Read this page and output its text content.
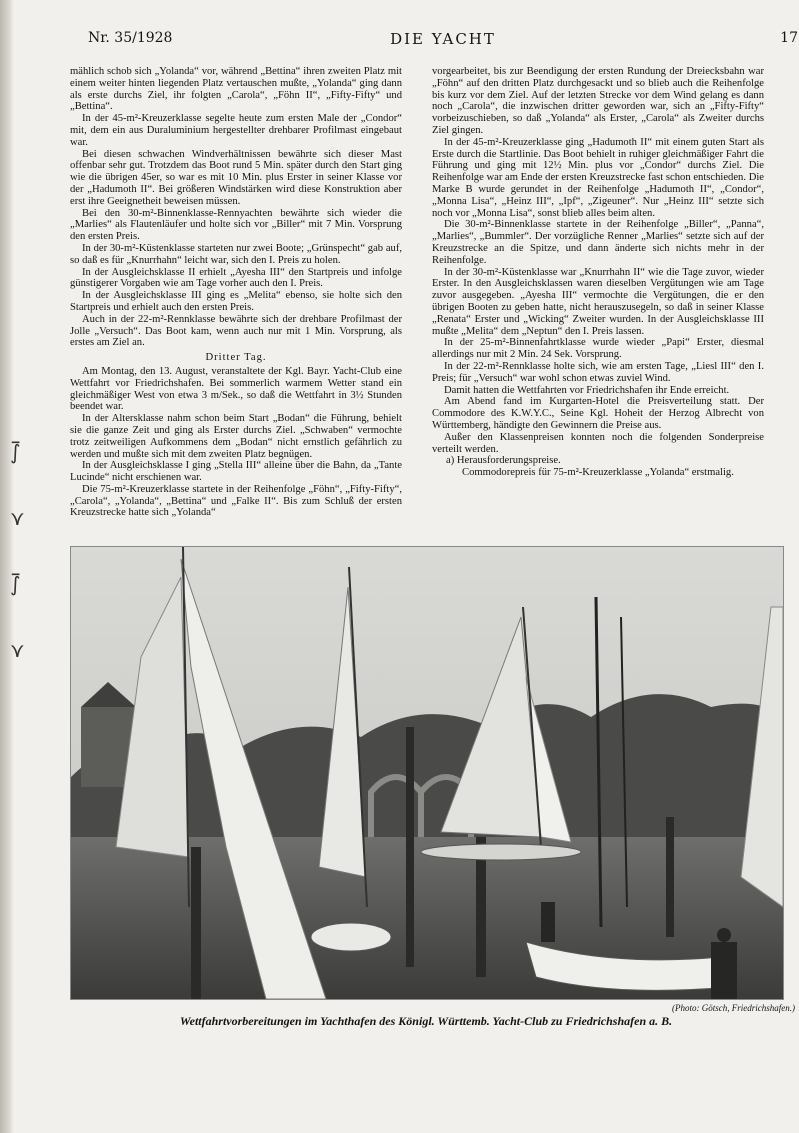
Nr. 35/1928	DIE YACHT	17

mählich schob sich „Yolanda“ vor, während „Bettina“ ihren zweiten Platz mit einem weiter hinten liegenden Platz vertauschen mußte, „Yolanda“ ging dann als erste durchs Ziel, ihr folgten „Carola“, „Föhn II“, „Fifty-Fifty“ und „Bettina“.

In der 45-m²-Kreuzerklasse segelte heute zum ersten Male der „Condor“ mit, dem ein aus Duraluminium hergestellter drehbarer Profilmast eingebaut war.

Bei diesen schwachen Windverhältnissen bewährte sich dieser Mast offenbar sehr gut. Trotzdem das Boot rund 5 Min. später durch den Start ging wie die übrigen 45er, so war es mit 10 Min. plus Erster in seiner Klasse vor der „Hadumoth II“. Bei größeren Windstärken wird diese Konstruktion aber erst ihre Geeignetheit beweisen müssen.

Bei den 30-m²-Binnenklasse-Rennyachten bewährte sich wieder die „Marlies“ als Flautenläufer und holte sich vor „Biller“ mit 7 Min. Vorsprung den ersten Preis.

In der 30-m²-Küstenklasse starteten nur zwei Boote; „Grünspecht“ gab auf, so daß es für „Knurrhahn“ leicht war, sich den I. Preis zu holen.

In der Ausgleichsklasse II erhielt „Ayesha III“ den Startpreis und infolge günstigerer Vorgaben wie am Tage vorher auch den I. Preis.

In der Ausgleichsklasse III ging es „Melita“ ebenso, sie holte sich den Startpreis und erhielt auch den ersten Preis.

Auch in der 22-m²-Rennklasse bewährte sich der drehbare Profilmast der Jolle „Versuch“. Das Boot kam, wenn auch nur mit 1 Min. Vorsprung, als erstes am Ziel an.

Dritter Tag.

Am Montag, den 13. August, veranstaltete der Kgl. Bayr. Yacht-Club eine Wettfahrt vor Friedrichshafen. Bei sommerlich warmem Wetter stand ein gleichmäßiger West von etwa 3 m/Sek., so daß die Wettfahrt in 3½ Stunden beendet war.

In der Altersklasse nahm schon beim Start „Bodan“ die Führung, behielt sie die ganze Zeit und ging als Erster durchs Ziel. „Schwaben“ vermochte trotz zeitweiligen Aufkommens dem „Bodan“ nicht ernstlich gefährlich zu werden und mußte sich mit dem zweiten Platz begnügen.

In der Ausgleichsklasse I ging „Stella III“ alleine über die Bahn, da „Tante Lucinde“ nicht erschienen war.

Die 75-m²-Kreuzerklasse startete in der Reihenfolge „Föhn“, „Fifty-Fifty“, „Carola“, „Yolanda“, „Bettina“ und „Falke II“. Bis zum Schluß der ersten Kreuzstrecke hatte sich „Yolanda“

vorgearbeitet, bis zur Beendigung der ersten Rundung der Dreiecksbahn war „Föhn“ auf den dritten Platz durchgesackt und so blieb auch die Reihenfolge bis kurz vor dem Ziel. Auf der letzten Strecke vor dem Wind gelang es dann noch „Carola“, die inzwischen dritter geworden war, sich an „Fifty-Fifty“ vorbeizuschieben, so daß „Yolanda“ als Erster, „Carola“ als Zweiter durchs Ziel gingen.

In der 45-m²-Kreuzerklasse ging „Hadumoth II“ mit einem guten Start als Erste durch die Startlinie. Das Boot behielt in ruhiger gleichmäßiger Fahrt die Führung und ging mit 12½ Min. plus vor „Condor“ durchs Ziel. Die Reihenfolge war am Ende der ersten Kreuzstrecke fast schon entschieden. Die Marke B wurde gerundet in der Reihenfolge „Hadumoth II“, „Condor“, „Monna Lisa“, „Heinz III“, „Ipf“, „Zigeuner“. Nur „Heinz III“ setzte sich noch vor „Monna Lisa“, sonst blieb alles beim alten.

Die 30-m²-Binnenklasse startete in der Reihenfolge „Biller“, „Panna“, „Marlies“, „Bummler“. Der vorzügliche Renner „Marlies“ setzte sich auf der Kreuzstrecke an die Spitze, und dann änderte sich nichts mehr in der Reihenfolge.

In der 30-m²-Küstenklasse war „Knurrhahn II“ wie die Tage zuvor, wieder Erster. In den Ausgleichsklassen waren dieselben Vergütungen wie am Tage zuvor ausgegeben. „Ayesha III“ vermochte die Vergütungen, die er den übrigen Booten zu geben hatte, nicht herauszusegeln, so daß in seiner Klasse „Renata“ Erster und „Wicking“ Zweiter wurden. In der Ausgleichsklasse III mußte „Melita“ dem „Neptun“ den I. Preis lassen.

In der 25-m²-Binnenfahrtklasse wurde wieder „Papi“ Erster, diesmal allerdings nur mit 2 Min. 24 Sek. Vorsprung.

In der 22-m²-Rennklasse holte sich, wie am ersten Tage, „Liesl III“ den I. Preis; für „Versuch“ war wohl schon etwas zuviel Wind.

Damit hatten die Wettfahrten vor Friedrichshafen ihr Ende erreicht.

Am Abend fand im Kurgarten-Hotel die Preisverteilung statt. Der Commodore des K.W.Y.C., Seine Kgl. Hoheit der Herzog Albrecht von Württemberg, händigte den Gewinnern die Preise aus.

Außer den Klassenpreisen konnten noch die folgenden Sonderpreise verteilt werden.

a) Herausforderungspreise.

Commodorepreis für 75-m²-Kreuzerklasse „Yolanda“ erstmalig.

⨛
⋎
⨛
⋎
(Photo: Götsch, Friedrichshafen.)
Wettfahrtvorbereitungen im Yachthafen des Königl. Württemb. Yacht-Club zu Friedrichshafen a. B.
